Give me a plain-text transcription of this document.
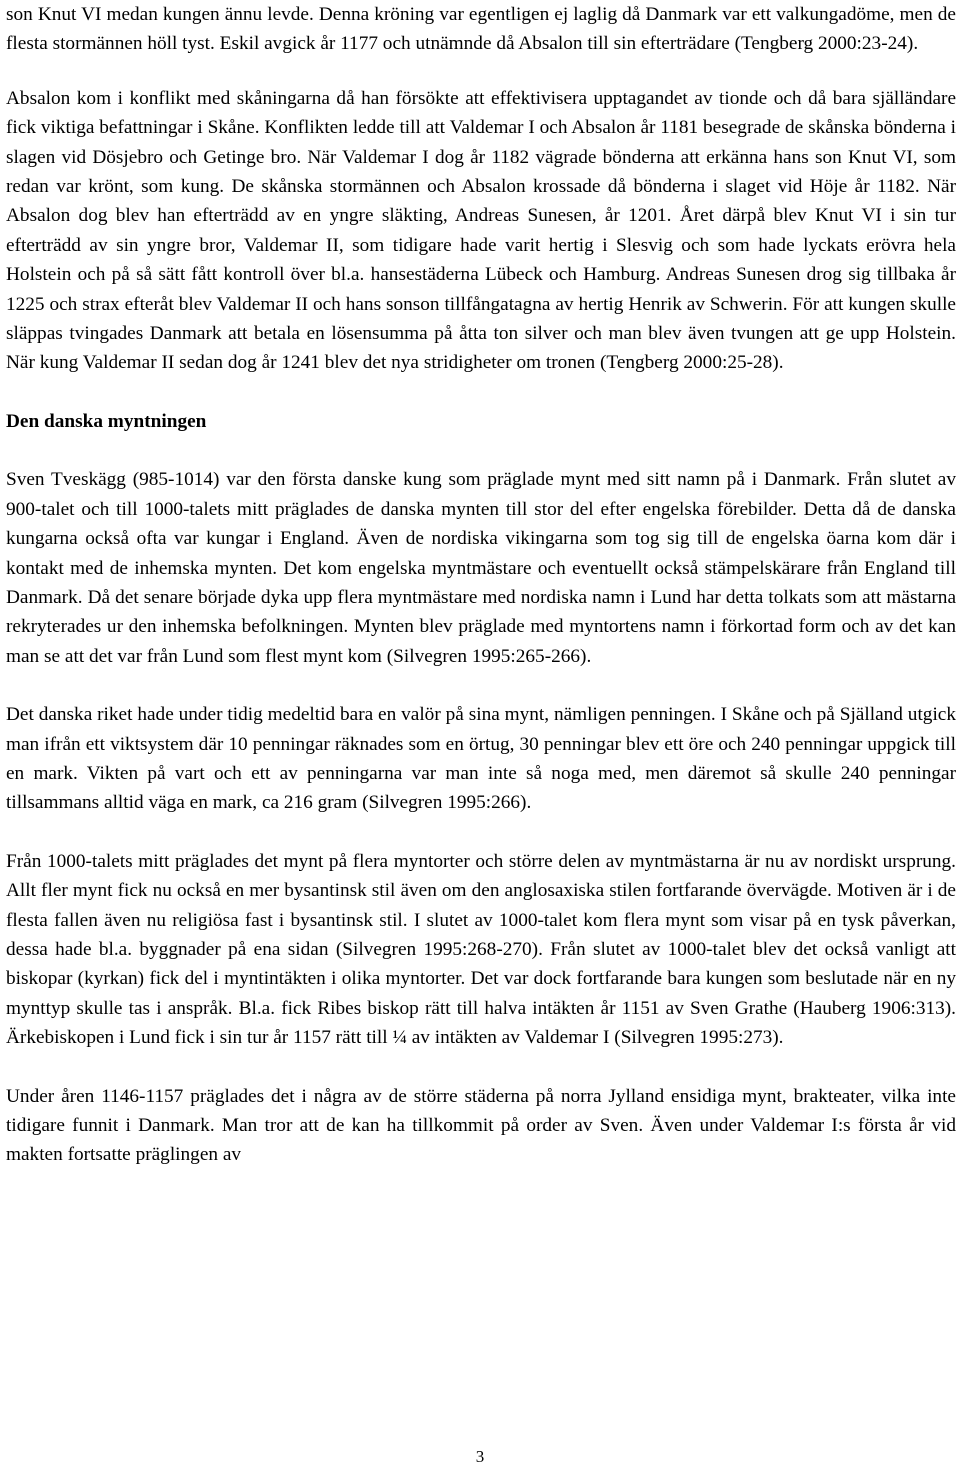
son Knut VI medan kungen ännu levde. Denna kröning var egentligen ej laglig då Danmark var ett valkungadöme, men de flesta stormännen höll tyst. Eskil avgick år 1177 och utnämnde då Absalon till sin efterträdare (Tengberg 2000:23-24).

Absalon kom i konflikt med skåningarna då han försökte att effektivisera upptagandet av tionde och då bara själländare fick viktiga befattningar i Skåne. Konflikten ledde till att Valdemar I och Absalon år 1181 besegrade de skånska bönderna i slagen vid Dösjebro och Getinge bro. När Valdemar I dog år 1182 vägrade bönderna att erkänna hans son Knut VI, som redan var krönt, som kung. De skånska stormännen och Absalon krossade då bönderna i slaget vid Höje år 1182. När Absalon dog blev han efterträdd av en yngre släkting, Andreas Sunesen, år 1201. Året därpå blev Knut VI i sin tur efterträdd av sin yngre bror, Valdemar II, som tidigare hade varit hertig i Slesvig och som hade lyckats erövra hela Holstein och på så sätt fått kontroll över bl.a. hansestäderna Lübeck och Hamburg. Andreas Sunesen drog sig tillbaka år 1225 och strax efteråt blev Valdemar II och hans sonson tillfångatagna av hertig Henrik av Schwerin. För att kungen skulle släppas tvingades Danmark att betala en lösensumma på åtta ton silver och man blev även tvungen att ge upp Holstein. När kung Valdemar II sedan dog år 1241 blev det nya stridigheter om tronen (Tengberg 2000:25-28).

Den danska myntningen

Sven Tveskägg (985-1014) var den första danske kung som präglade mynt med sitt namn på i Danmark. Från slutet av 900-talet och till 1000-talets mitt präglades de danska mynten till stor del efter engelska förebilder. Detta då de danska kungarna också ofta var kungar i England. Även de nordiska vikingarna som tog sig till de engelska öarna kom där i kontakt med de inhemska mynten. Det kom engelska myntmästare och eventuellt också stämpelskärare från England till Danmark. Då det senare började dyka upp flera myntmästare med nordiska namn i Lund har detta tolkats som att mästarna rekryterades ur den inhemska befolkningen. Mynten blev präglade med myntortens namn i förkortad form och av det kan man se att det var från Lund som flest mynt kom (Silvegren 1995:265-266).

Det danska riket hade under tidig medeltid bara en valör på sina mynt, nämligen penningen. I Skåne och på Själland utgick man ifrån ett viktsystem där 10 penningar räknades som en örtug, 30 penningar blev ett öre och 240 penningar uppgick till en mark. Vikten på vart och ett av penningarna var man inte så noga med, men däremot så skulle 240 penningar tillsammans alltid väga en mark, ca 216 gram (Silvegren 1995:266).

Från 1000-talets mitt präglades det mynt på flera myntorter och större delen av myntmästarna är nu av nordiskt ursprung. Allt fler mynt fick nu också en mer bysantinsk stil även om den anglosaxiska stilen fortfarande övervägde. Motiven är i de flesta fallen även nu religiösa fast i bysantinsk stil. I slutet av 1000-talet kom flera mynt som visar på en tysk påverkan, dessa hade bl.a. byggnader på ena sidan (Silvegren 1995:268-270). Från slutet av 1000-talet blev det också vanligt att biskopar (kyrkan) fick del i myntintäkten i olika myntorter. Det var dock fortfarande bara kungen som beslutade när en ny mynttyp skulle tas i anspråk. Bl.a. fick Ribes biskop rätt till halva intäkten år 1151 av Sven Grathe (Hauberg 1906:313). Ärkebiskopen i Lund fick i sin tur år 1157 rätt till ¼ av intäkten av Valdemar I (Silvegren 1995:273).

Under åren 1146-1157 präglades det i några av de större städerna på norra Jylland ensidiga mynt, brakteater, vilka inte tidigare funnit i Danmark. Man tror att de kan ha tillkommit på order av Sven. Även under Valdemar I:s första år vid makten fortsatte präglingen av

3
